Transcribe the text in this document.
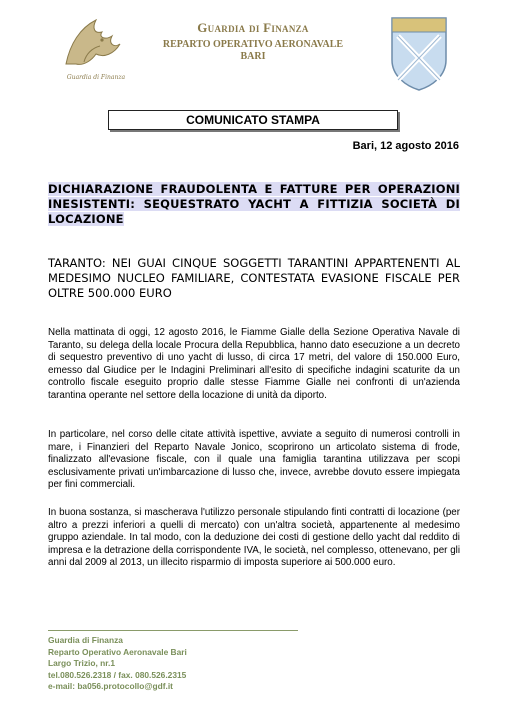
Guardia di Finanza
Guardia di Finanza
REPARTO OPERATIVO AERONAVALE
BARI
COMUNICATO STAMPA
Bari, 12 agosto 2016
DICHIARAZIONE FRAUDOLENTA E FATTURE PER OPERAZIONI INESISTENTI: SEQUESTRATO YACHT A FITTIZIA SOCIETÀ DI LOCAZIONE
TARANTO: NEI GUAI CINQUE SOGGETTI TARANTINI APPARTENENTI AL MEDESIMO NUCLEO FAMILIARE, CONTESTATA EVASIONE FISCALE PER OLTRE 500.000 EURO
Nella mattinata di oggi, 12 agosto 2016, le Fiamme Gialle della Sezione Operativa Navale di Taranto, su delega della locale Procura della Repubblica, hanno dato esecuzione a un decreto di sequestro preventivo di uno yacht di lusso, di circa 17 metri, del valore di 150.000 Euro, emesso dal Giudice per le Indagini Preliminari all'esito di specifiche indagini scaturite da un controllo fiscale eseguito proprio dalle stesse Fiamme Gialle nei confronti di un'azienda tarantina operante nel settore della locazione di unità da diporto.
In particolare, nel corso delle citate attività ispettive, avviate a seguito di numerosi controlli in mare, i Finanzieri del Reparto Navale Jonico, scoprirono un articolato sistema di frode, finalizzato all'evasione fiscale, con il quale una famiglia tarantina utilizzava per scopi esclusivamente privati un'imbarcazione di lusso che, invece, avrebbe dovuto essere impiegata per fini commerciali.
In buona sostanza, si mascherava l'utilizzo personale stipulando finti contratti di locazione (per altro a prezzi inferiori a quelli di mercato) con un'altra società, appartenente al medesimo gruppo aziendale. In tal modo, con la deduzione dei costi di gestione dello yacht dal reddito di impresa e la detrazione della corrispondente IVA, le società, nel complesso, ottenevano, per gli anni dal 2009 al 2013, un illecito risparmio di imposta superiore ai 500.000 euro.
Guardia di Finanza
Reparto Operativo Aeronavale Bari
Largo Trizio, nr.1
tel.080.526.2318 / fax. 080.526.2315
e-mail: ba056.protocollo@gdf.it
